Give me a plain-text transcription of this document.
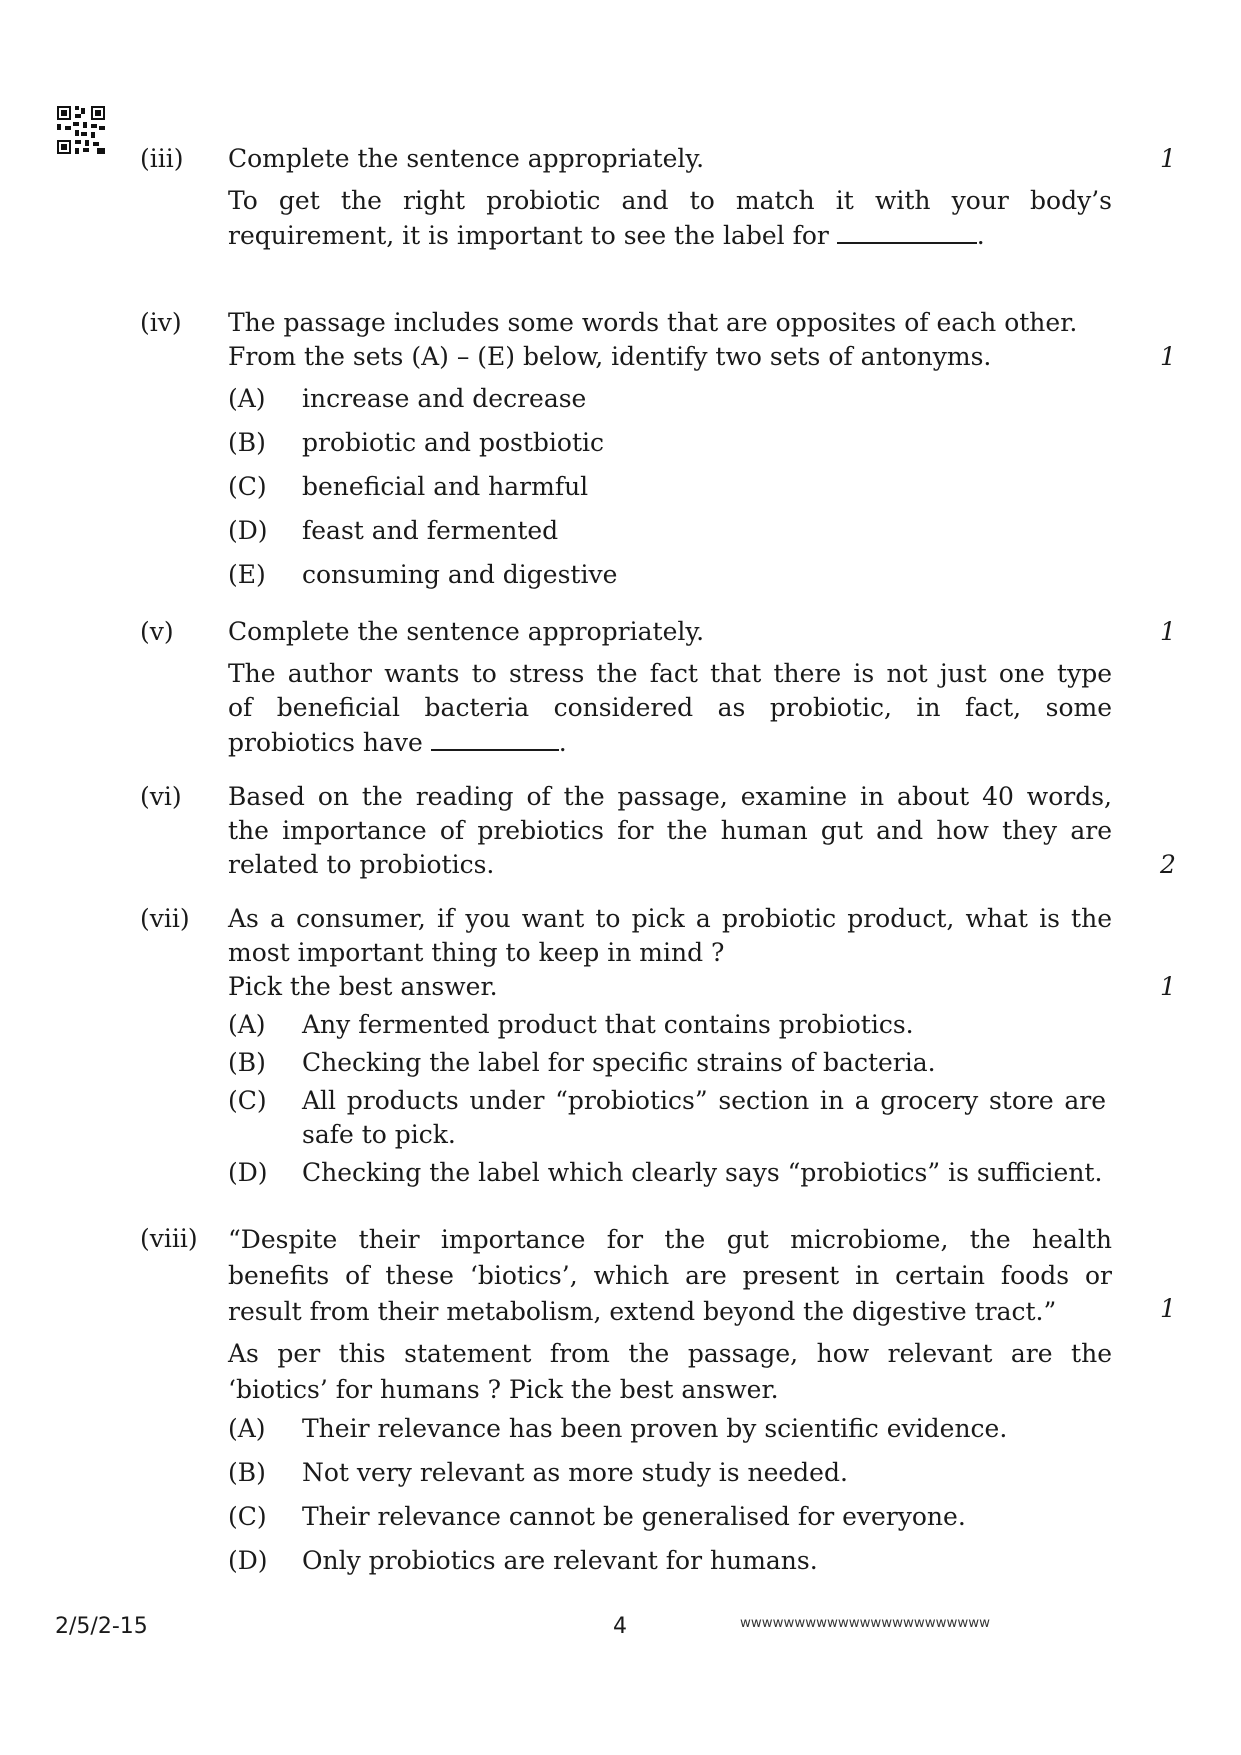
(iii)	1

Complete the sentence appropriately.

To get the right probiotic and to match it with your body’s

requirement, it is important to see the label for	.

(iv)
1

The passage includes some words that are opposites of each other.

From the sets (A) – (E) below, identify two sets of antonyms.

(A) increase and decrease
(B) probiotic and postbiotic
(C) beneficial and harmful
(D) feast and fermented
(E) consuming and digestive
(v)	1

Complete the sentence appropriately.

The author wants to stress the fact that there is not just one type

of beneficial bacteria considered as probiotic, in fact, some

probiotics have	.

(vi)
2

Based on the reading of the passage, examine in about 40 words,

the importance of prebiotics for the human gut and how they are

related to probiotics.

(vii)
1

As a consumer, if you want to pick a probiotic product, what is the

most important thing to keep in mind ?

Pick the best answer.

(A) Any fermented product that contains probiotics.
(B) Checking the label for specific strains of bacteria.
(C) All products under “probiotics” section in a grocery store are safe to pick.
(D) Checking the label which clearly says “probiotics” is sufficient.
(viii)
1

“Despite their importance for the gut microbiome, the health

benefits of these ‘biotics’, which are present in certain foods or

result from their metabolism, extend beyond the digestive tract.”

As per this statement from the passage, how relevant are the

‘biotics’ for humans ? Pick the best answer.

(A) Their relevance has been proven by scientific evidence.
(B) Not very relevant as more study is needed.
(C) Their relevance cannot be generalised for everyone.
(D) Only probiotics are relevant for humans.
2/5/2-15	4	wwwwwwwwwwwwwwwwwwwwwww
